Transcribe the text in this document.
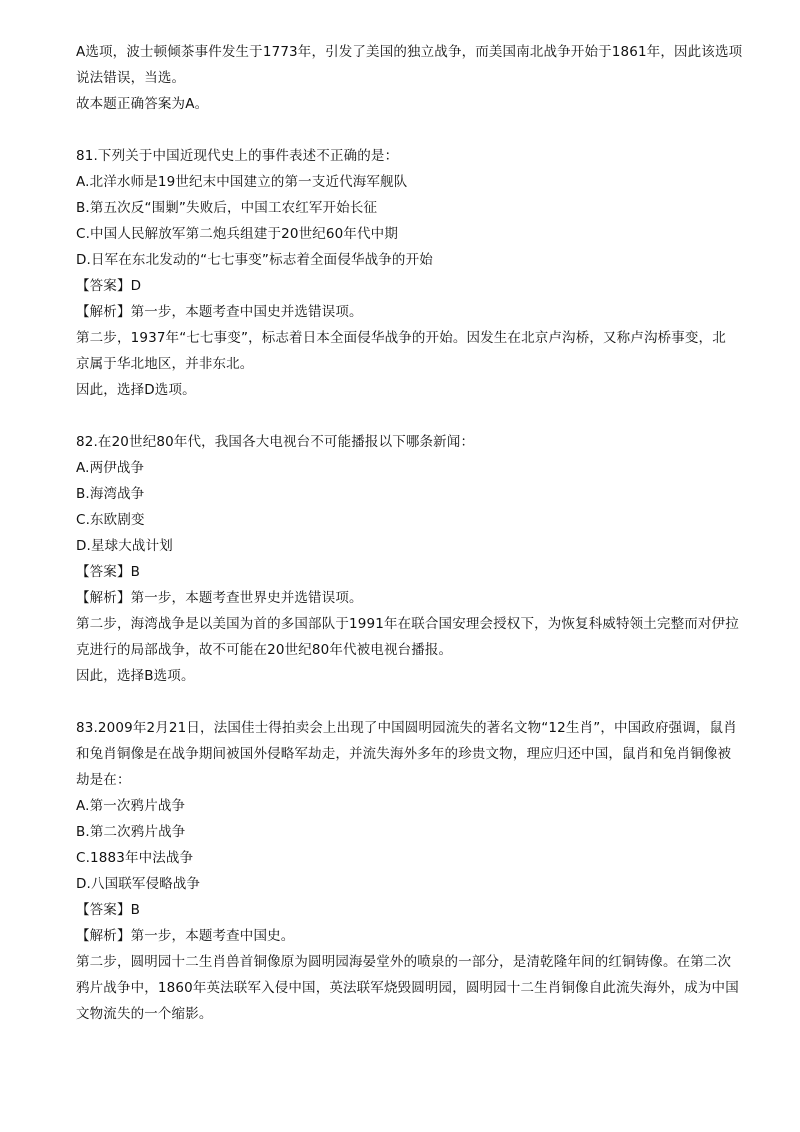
A选项，波士顿倾茶事件发生于1773年，引发了美国的独立战争，而美国南北战争开始于1861年，因此该选项
说法错误，当选。
故本题正确答案为A。
81.下列关于中国近现代史上的事件表述不正确的是：
A.北洋水师是19世纪末中国建立的第一支近代海军舰队
B.第五次反“围剿”失败后，中国工农红军开始长征
C.中国人民解放军第二炮兵组建于20世纪60年代中期
D.日军在东北发动的“七七事变”标志着全面侵华战争的开始
【答案】D
【解析】第一步，本题考查中国史并选错误项。
第二步，1937年“七七事变”，标志着日本全面侵华战争的开始。因发生在北京卢沟桥，又称卢沟桥事变，北
京属于华北地区，并非东北。
因此，选择D选项。
82.在20世纪80年代，我国各大电视台不可能播报以下哪条新闻：
A.两伊战争
B.海湾战争
C.东欧剧变
D.星球大战计划
【答案】B
【解析】第一步，本题考查世界史并选错误项。
第二步，海湾战争是以美国为首的多国部队于1991年在联合国安理会授权下，为恢复科威特领土完整而对伊拉
克进行的局部战争，故不可能在20世纪80年代被电视台播报。
因此，选择B选项。
83.2009年2月21日，法国佳士得拍卖会上出现了中国圆明园流失的著名文物“12生肖”，中国政府强调，鼠肖
和兔肖铜像是在战争期间被国外侵略军劫走，并流失海外多年的珍贵文物，理应归还中国，鼠肖和兔肖铜像被
劫是在：
A.第一次鸦片战争
B.第二次鸦片战争
C.1883年中法战争
D.八国联军侵略战争
【答案】B
【解析】第一步，本题考查中国史。
第二步，圆明园十二生肖兽首铜像原为圆明园海晏堂外的喷泉的一部分，是清乾隆年间的红铜铸像。在第二次
鸦片战争中，1860年英法联军入侵中国，英法联军烧毁圆明园，圆明园十二生肖铜像自此流失海外，成为中国
文物流失的一个缩影。
